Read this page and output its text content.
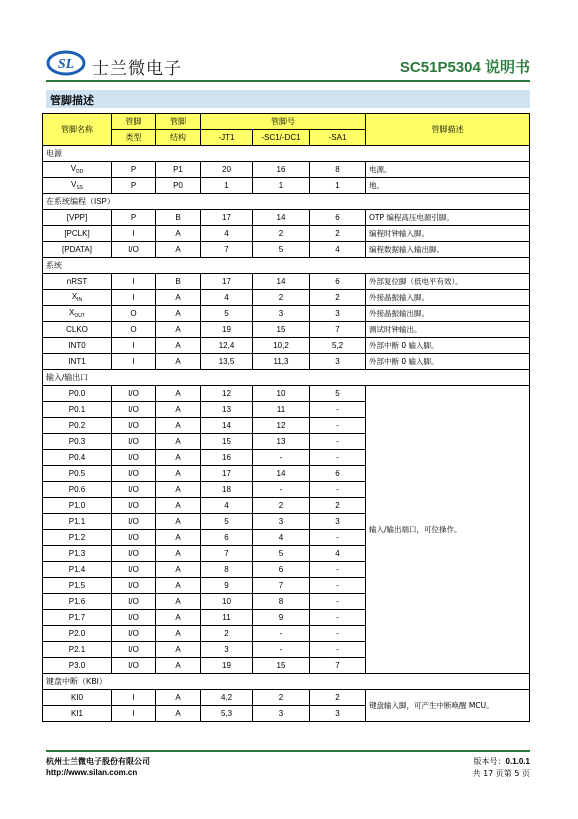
SL 士兰微电子	SC51P5304 说明书
管脚描述
管脚名称	管脚	管脚	管脚号			管脚描述
	类型	结构	-JT1	-SC1/-DC1	-SA1	
电源						
$V_{DD}$	P	P1	20	16	8	电源。
$V_{SS}$	P	P0	1	1	1	地。
在系统编程（ISP）						
[VPP]	P	B	17	14	6	OTP 编程高压电源引脚。
[PCLK]	I	A	4	2	2	编程时钟输入脚。
[PDATA]	I/O	A	7	5	4	编程数据输入输出脚。
系统						
nRST	I	B	17	14	6	外部复位脚（低电平有效）。
$X_{IN}$	I	A	4	2	2	外接晶振输入脚。
$X_{OUT}$	O	A	5	3	3	外接晶振输出脚。
CLKO	O	A	19	15	7	测试时钟输出。
INT0	I	A	12,4	10,2	5,2	外部中断 0 输入脚。
INT1	I	A	13,5	11,3	3	外部中断 0 输入脚。
输入/输出口						
P0.0	I/O	A	12	10	5	输入/输出端口，可位操作。
P0.1	I/O	A	13	11	-	
P0.2	I/O	A	14	12	-	
P0.3	I/O	A	15	13	-	
P0.4	I/O	A	16	-	-	
P0.5	I/O	A	17	14	6	
P0.6	I/O	A	18	-	-	
P1.0	I/O	A	4	2	2	
P1.1	I/O	A	5	3	3	
P1.2	I/O	A	6	4	-	
P1.3	I/O	A	7	5	4	
P1.4	I/O	A	8	6	-	
P1.5	I/O	A	9	7	-	
P1.6	I/O	A	10	8	-	
P1.7	I/O	A	11	9	-	
P2.0	I/O	A	2	-	-	
P2.1	I/O	A	3	-	-	
P3.0	I/O	A	19	15	7	
键盘中断（KBI）						
KI0	I	A	4,2	2	2	键盘输入脚，可产生中断唤醒 MCU。
KI1	I	A	5,3	3	3	
杭州士兰微电子股份有限公司
http://www.silan.com.cn
版本号：0.1.0.1
共 17 页第 5 页
